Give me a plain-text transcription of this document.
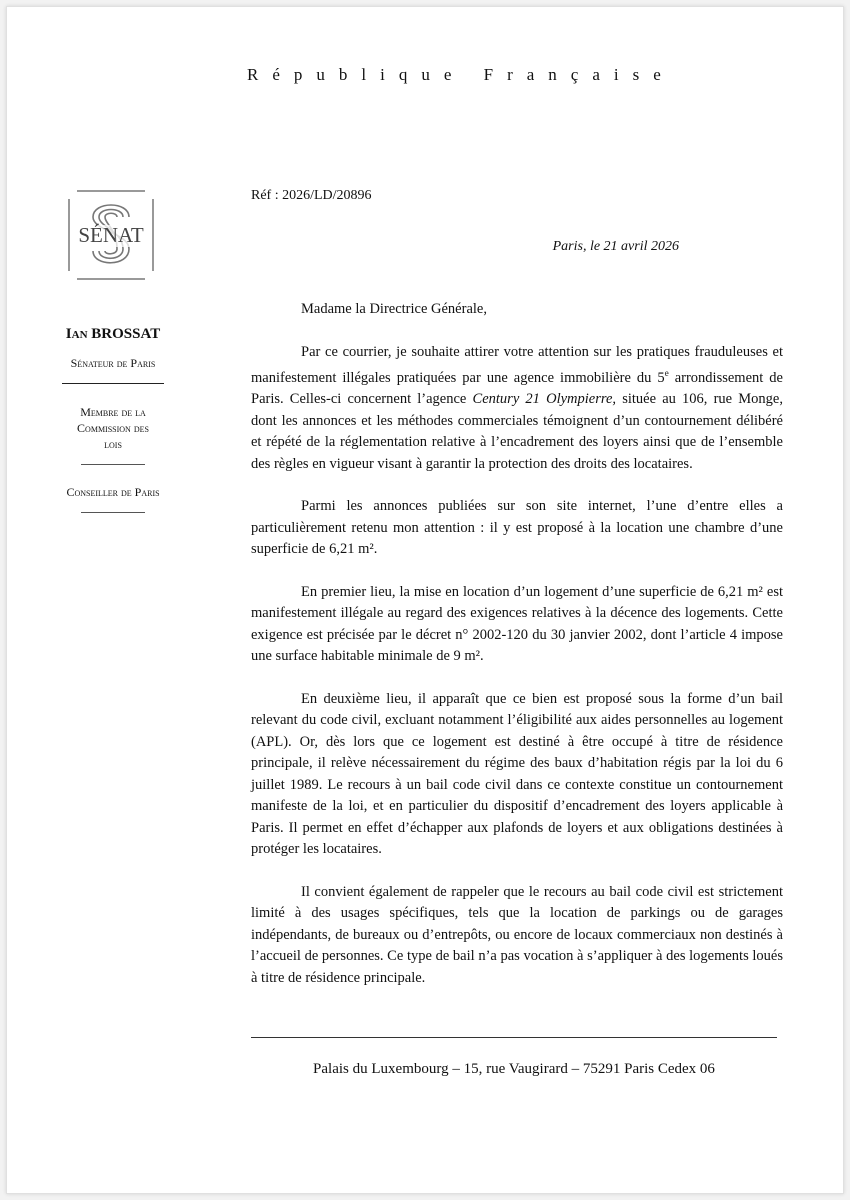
République Française
SÉNAT
Ian BROSSAT
Sénateur de Paris
Membre de la
Commission des
lois
Conseiller de Paris
Réf : 2026/LD/20896
Paris, le 21 avril 2026

Madame la Directrice Générale,

Par ce courrier, je souhaite attirer votre attention sur les pratiques frauduleuses et manifestement illégales pratiquées par une agence immobilière du 5e arrondissement de Paris. Celles-ci concernent l’agence Century 21 Olympierre, située au 106, rue Monge, dont les annonces et les méthodes commerciales témoignent d’un contournement délibéré et répété de la réglementation relative à l’encadrement des loyers ainsi que de l’ensemble des règles en vigueur visant à garantir la protection des droits des locataires.

Parmi les annonces publiées sur son site internet, l’une d’entre elles a particulièrement retenu mon attention : il y est proposé à la location une chambre d’une superficie de 6,21 m².

En premier lieu, la mise en location d’un logement d’une superficie de 6,21 m² est manifestement illégale au regard des exigences relatives à la décence des logements. Cette exigence est précisée par le décret n° 2002-120 du 30 janvier 2002, dont l’article 4 impose une surface habitable minimale de 9 m².

En deuxième lieu, il apparaît que ce bien est proposé sous la forme d’un bail relevant du code civil, excluant notamment l’éligibilité aux aides personnelles au logement (APL). Or, dès lors que ce logement est destiné à être occupé à titre de résidence principale, il relève nécessairement du régime des baux d’habitation régis par la loi du 6 juillet 1989. Le recours à un bail code civil dans ce contexte constitue un contournement manifeste de la loi, et en particulier du dispositif d’encadrement des loyers applicable à Paris. Il permet en effet d’échapper aux plafonds de loyers et aux obligations destinées à protéger les locataires.

Il convient également de rappeler que le recours au bail code civil est strictement limité à des usages spécifiques, tels que la location de parkings ou de garages indépendants, de bureaux ou d’entrepôts, ou encore de locaux commerciaux non destinés à l’accueil de personnes. Ce type de bail n’a pas vocation à s’appliquer à des logements loués à titre de résidence principale.

Palais du Luxembourg – 15, rue Vaugirard – 75291 Paris Cedex 06
